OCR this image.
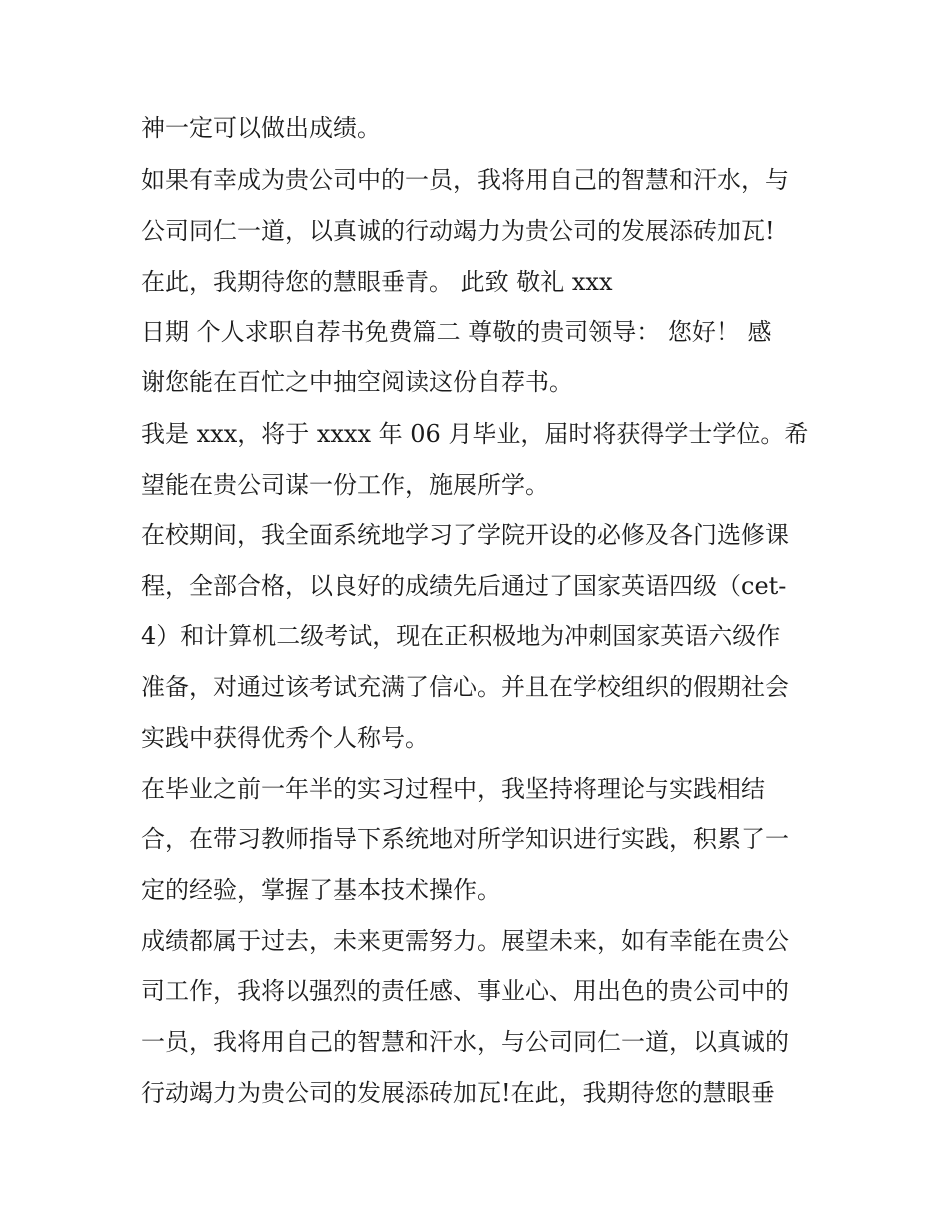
神一定可以做出成绩。
如果有幸成为贵公司中的一员，我将用自己的智慧和汗水，与
公司同仁一道，以真诚的行动竭力为贵公司的发展添砖加瓦!
在此，我期待您的慧眼垂青。 此致 敬礼 xxx
日期 个人求职自荐书免费篇二 尊敬的贵司领导： 您好！ 感
谢您能在百忙之中抽空阅读这份自荐书。
我是 xxx，将于 xxxx 年 06 月毕业，届时将获得学士学位。希
望能在贵公司谋一份工作，施展所学。
在校期间，我全面系统地学习了学院开设的必修及各门选修课
程，全部合格，以良好的成绩先后通过了国家英语四级（cet-
4）和计算机二级考试，现在正积极地为冲刺国家英语六级作
准备，对通过该考试充满了信心。并且在学校组织的假期社会
实践中获得优秀个人称号。
在毕业之前一年半的实习过程中，我坚持将理论与实践相结
合，在带习教师指导下系统地对所学知识进行实践，积累了一
定的经验，掌握了基本技术操作。
成绩都属于过去，未来更需努力。展望未来，如有幸能在贵公
司工作，我将以强烈的责任感、事业心、用出色的贵公司中的
一员，我将用自己的智慧和汗水，与公司同仁一道，以真诚的
行动竭力为贵公司的发展添砖加瓦!在此，我期待您的慧眼垂
